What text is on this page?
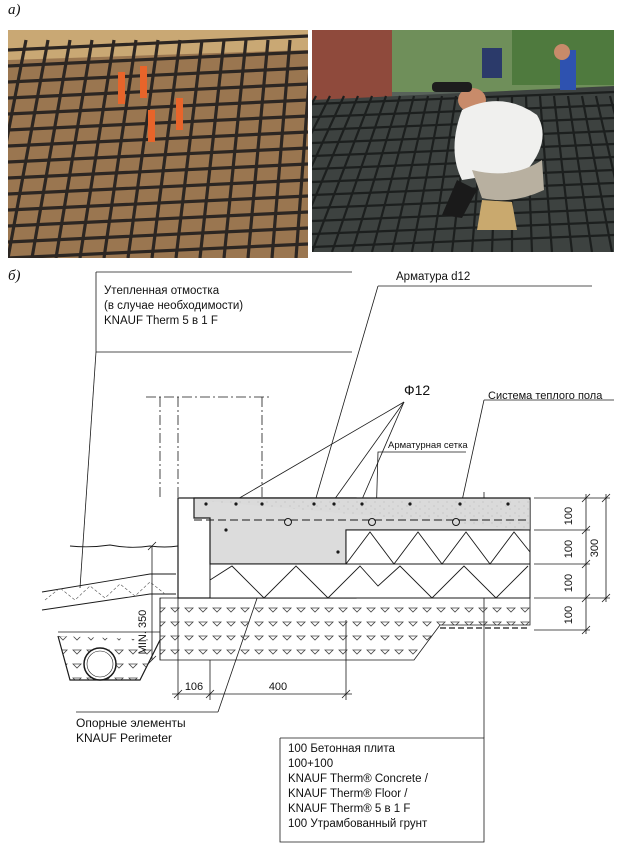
а)
б)
100
100
100
100
300
MIN. 350
106	400
Утепленная отмостка
(в случае необходимости)
KNAUF Therm 5 в 1 F
Арматура d12
Ф12	Система теплого пола
Арматурная сетка
Опорные элементы
KNAUF Perimeter
100 Бетонная плита
100+100
KNAUF Therm® Concrete /
KNAUF Therm® Floor /
KNAUF Therm® 5 в 1 F
100 Утрамбованный грунт
